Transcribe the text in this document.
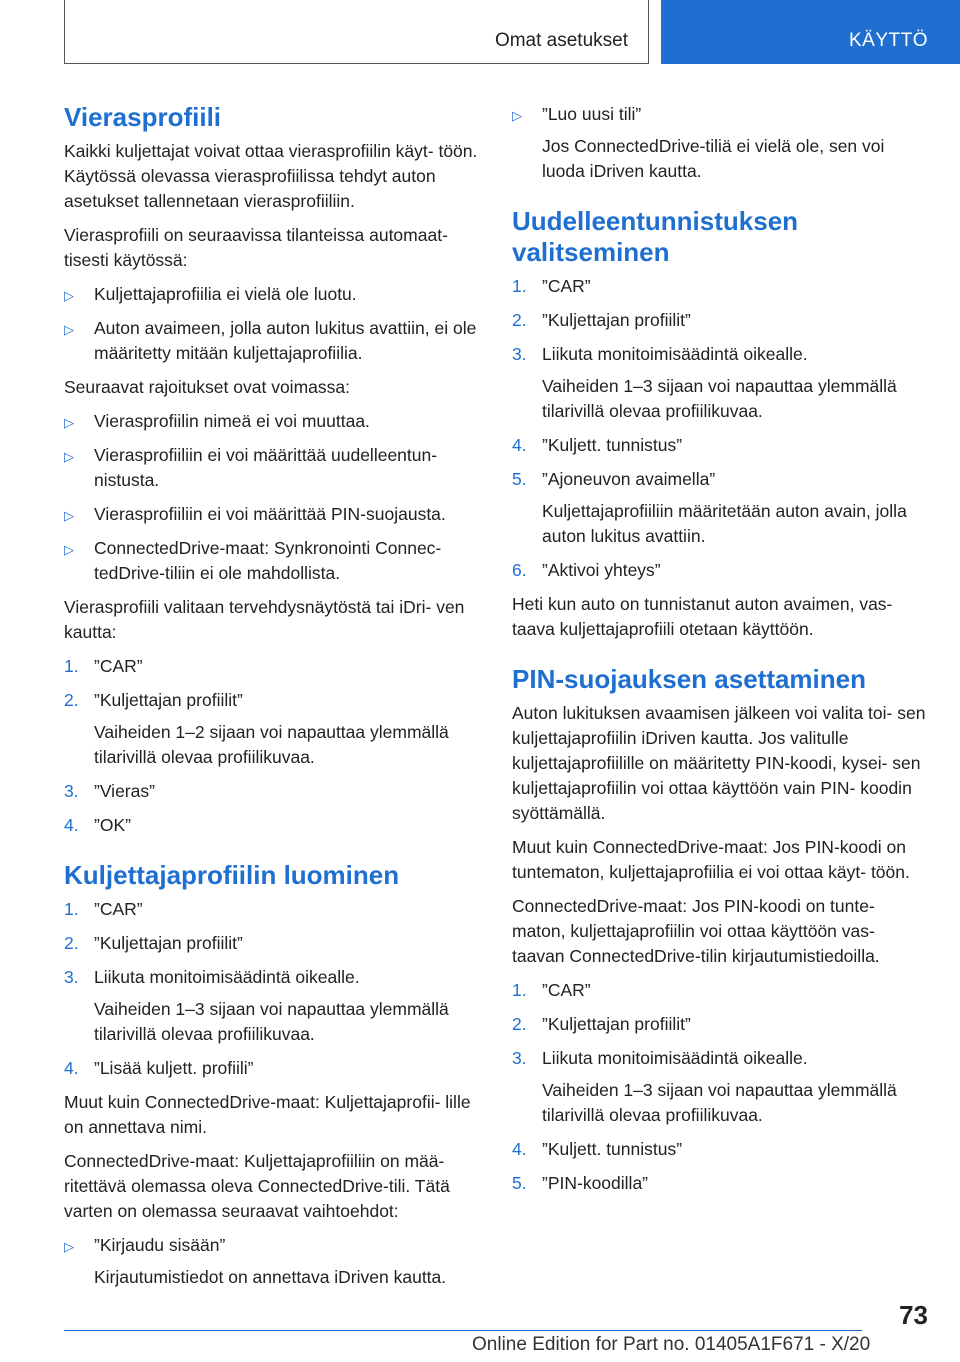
Omat asetukset	KÄYTTÖ
Vierasprofiili

Kaikki kuljettajat voivat ottaa vierasprofiilin käyt- töön. Käytössä olevassa vierasprofiilissa tehdyt auton asetukset tallennetaan vierasprofiiliin.

Vierasprofiili on seuraavissa tilanteissa automaat- tisesti käytössä:

▷ Kuljettajaprofiilia ei vielä ole luotu.
▷ Auton avaimeen, jolla auton lukitus avattiin, ei ole määritetty mitään kuljettajaprofiilia.

Seuraavat rajoitukset ovat voimassa:

▷ Vierasprofiilin nimeä ei voi muuttaa.
▷ Vierasprofiiliin ei voi määrittää uudelleentun- nistusta.
▷ Vierasprofiiliin ei voi määrittää PIN-suojausta.
▷ ConnectedDrive-maat: Synkronointi Connec- tedDrive-tiliin ei ole mahdollista.

Vierasprofiili valitaan tervehdysnäytöstä tai iDri- ven kautta:

1. ”CAR”
2. ”Kuljettajan profiilit”
Vaiheiden 1–2 sijaan voi napauttaa ylemmällä tilarivillä olevaa profiilikuvaa.
3. ”Vieras”
4. ”OK”
Kuljettajaprofiilin luominen
1. ”CAR”
2. ”Kuljettajan profiilit”
3. Liikuta monitoimisäädintä oikealle.
Vaiheiden 1–3 sijaan voi napauttaa ylemmällä tilarivillä olevaa profiilikuvaa.
4. ”Lisää kuljett. profiili”

Muut kuin ConnectedDrive-maat: Kuljettajaprofii- lille on annettava nimi.

ConnectedDrive-maat: Kuljettajaprofiiliin on mää- ritettävä olemassa oleva ConnectedDrive-tili. Tätä varten on olemassa seuraavat vaihtoehdot:

▷ ”Kirjaudu sisään”
Kirjautumistiedot on annettava iDriven kautta.
▷ ”Luo uusi tili”
Jos ConnectedDrive-tiliä ei vielä ole, sen voi luoda iDriven kautta.
Uudelleentunnistuksen valitseminen
1. ”CAR”
2. ”Kuljettajan profiilit”
3. Liikuta monitoimisäädintä oikealle.
Vaiheiden 1–3 sijaan voi napauttaa ylemmällä tilarivillä olevaa profiilikuvaa.
4. ”Kuljett. tunnistus”
5. ”Ajoneuvon avaimella”
Kuljettajaprofiiliin määritetään auton avain, jolla auton lukitus avattiin.
6. ”Aktivoi yhteys”

Heti kun auto on tunnistanut auton avaimen, vas- taava kuljettajaprofiili otetaan käyttöön.

PIN-suojauksen asettaminen

Auton lukituksen avaamisen jälkeen voi valita toi- sen kuljettajaprofiilin iDriven kautta. Jos valitulle kuljettajaprofiilille on määritetty PIN-koodi, kysei- sen kuljettajaprofiilin voi ottaa käyttöön vain PIN- koodin syöttämällä.

Muut kuin ConnectedDrive-maat: Jos PIN-koodi on tuntematon, kuljettajaprofiilia ei voi ottaa käyt- töön.

ConnectedDrive-maat: Jos PIN-koodi on tunte- maton, kuljettajaprofiilin voi ottaa käyttöön vas- taavan ConnectedDrive-tilin kirjautumistiedoilla.

1. ”CAR”
2. ”Kuljettajan profiilit”
3. Liikuta monitoimisäädintä oikealle.
Vaiheiden 1–3 sijaan voi napauttaa ylemmällä tilarivillä olevaa profiilikuvaa.
4. ”Kuljett. tunnistus”
5. ”PIN-koodilla”
73
Online Edition for Part no. 01405A1F671 - X/20
